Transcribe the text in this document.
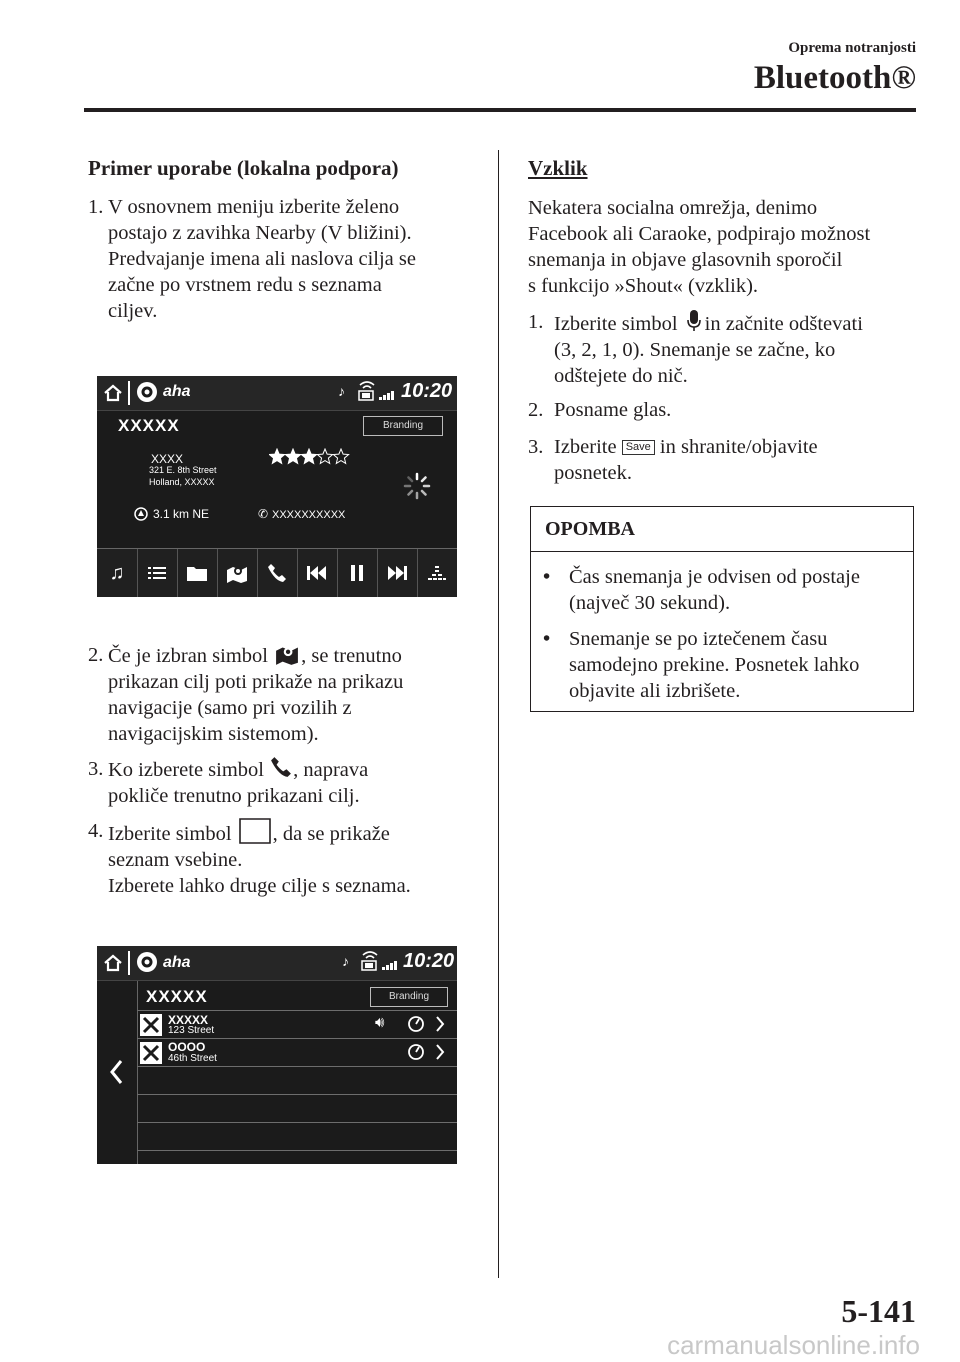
Oprema notranjosti
Bluetooth®
Primer uporabe (lokalna podpora)
1. V osnovnem meniju izberite želeno
postajo z zavihka Nearby (V bližini).
Predvajanje imena ali naslova cilja se
začne po vrstnem redu s seznama
ciljev.
aha	♪	10:20
XXXXX	Branding
XXXX
321 E. 8th Street
Holland, XXXXX
3.1 km NE	✆ XXXXXXXXXX
♫
2. Če je izbran simbol , se trenutno
prikazan cilj poti prikaže na prikazu
navigacije (samo pri vozilih z
navigacijskim sistemom).
3. Ko izberete simbol , naprava
pokliče trenutno prikazani cilj.
4. Izberite simbol , da se prikaže
seznam vsebine.
Izberete lahko druge cilje s seznama.
aha	♪	10:20
XXXXX	Branding
XXXXX
123 Street	🔊︎
OOOO
46th Street
Vzklik
Nekatera socialna omrežja, denimo
Facebook ali Caraoke, podpirajo možnost
snemanja in objave glasovnih sporočil
s funkcijo »Shout« (vzklik).
1. Izberite simbol in začnite odštevati
(3, 2, 1, 0). Snemanje se začne, ko
odštejete do nič.
2. Posname glas.
3. Izberite Save in shranite/objavite
posnetek.
OPOMBA
• Čas snemanja je odvisen od postaje
(največ 30 sekund).
• Snemanje se po iztečenem času
samodejno prekine. Posnetek lahko
objavite ali izbrišete.
5-141
carmanualsonline.info
